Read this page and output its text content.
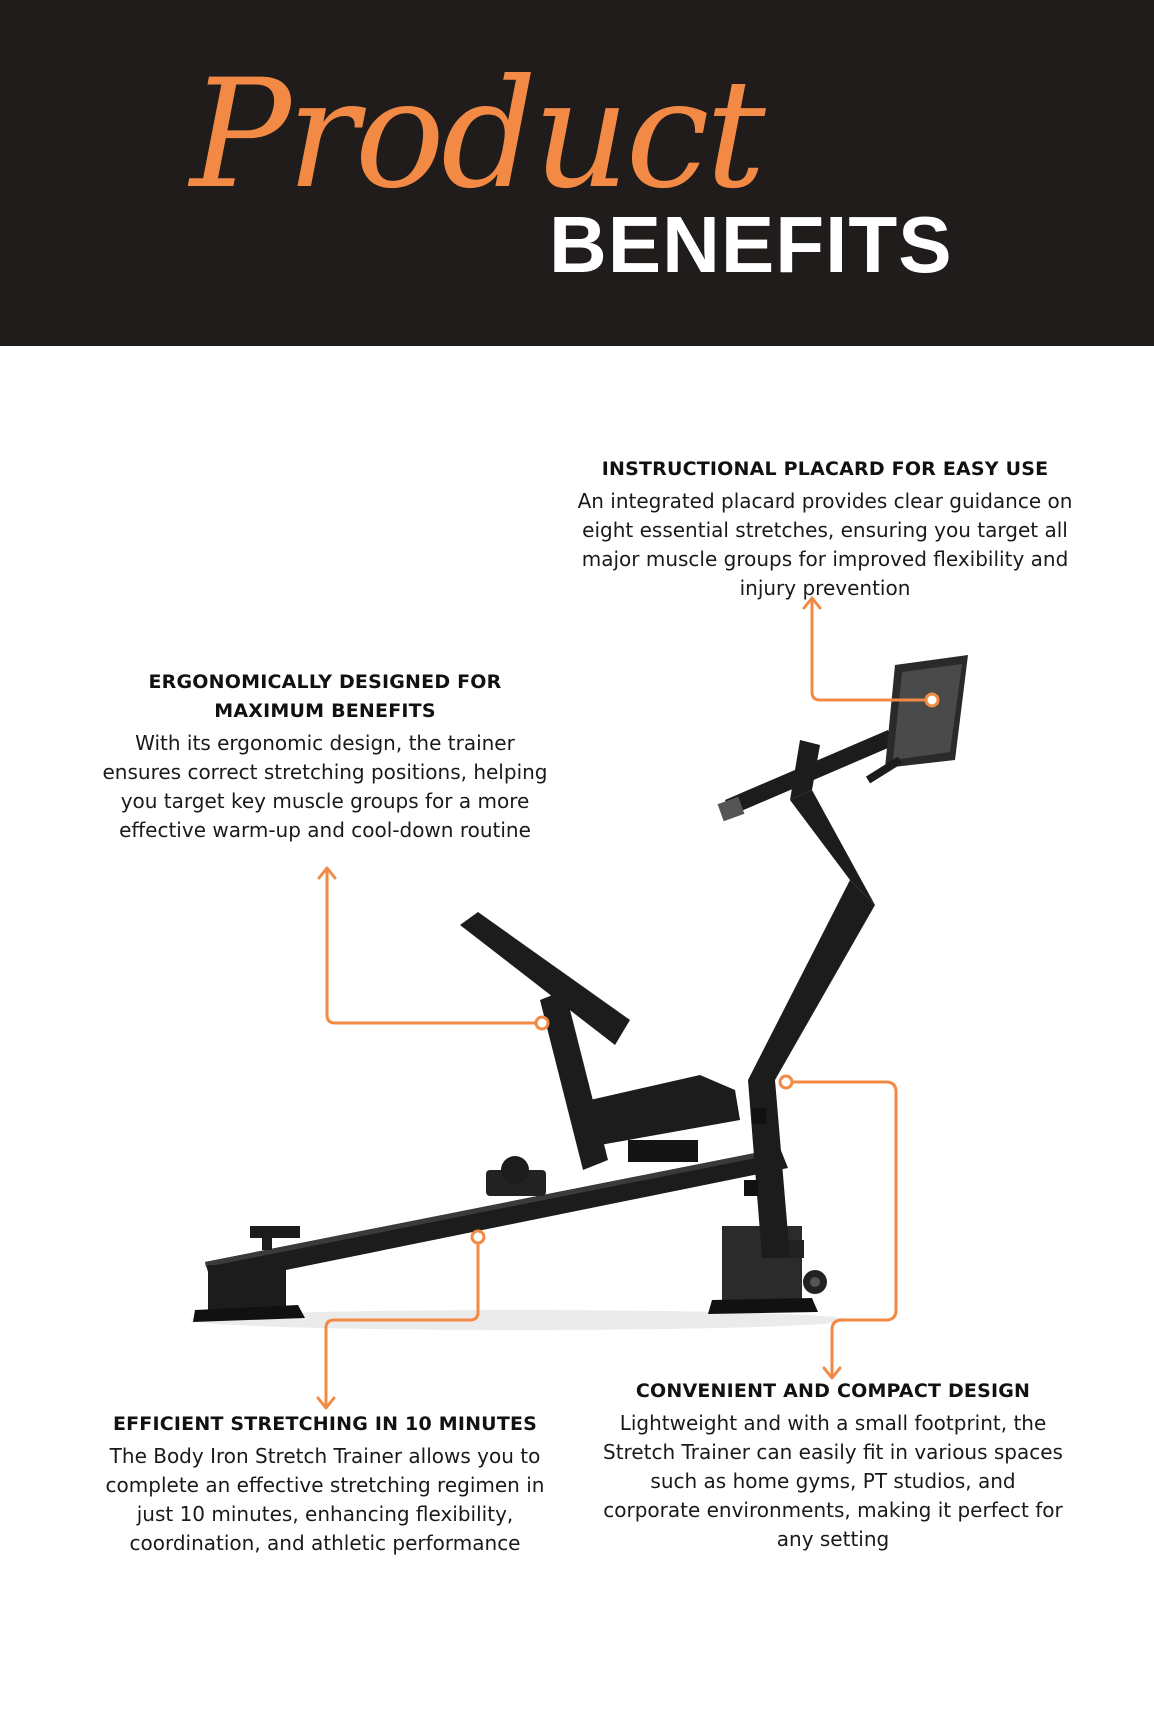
Product
BENEFITS
INSTRUCTIONAL PLACARD FOR EASY USE

An integrated placard provides clear guidance on eight essential stretches, ensuring you target all major muscle groups for improved flexibility and injury prevention

ERGONOMICALLY DESIGNED FOR MAXIMUM BENEFITS

With its ergonomic design, the trainer ensures correct stretching positions, helping you target key muscle groups for a more effective warm-up and cool-down routine

CONVENIENT AND COMPACT DESIGN

Lightweight and with a small footprint, the Stretch Trainer can easily fit in various spaces such as home gyms, PT studios, and corporate environments, making it perfect for any setting

EFFICIENT STRETCHING IN 10 MINUTES

The Body Iron Stretch Trainer allows you to complete an effective stretching regimen in just 10 minutes, enhancing flexibility, coordination, and athletic performance
